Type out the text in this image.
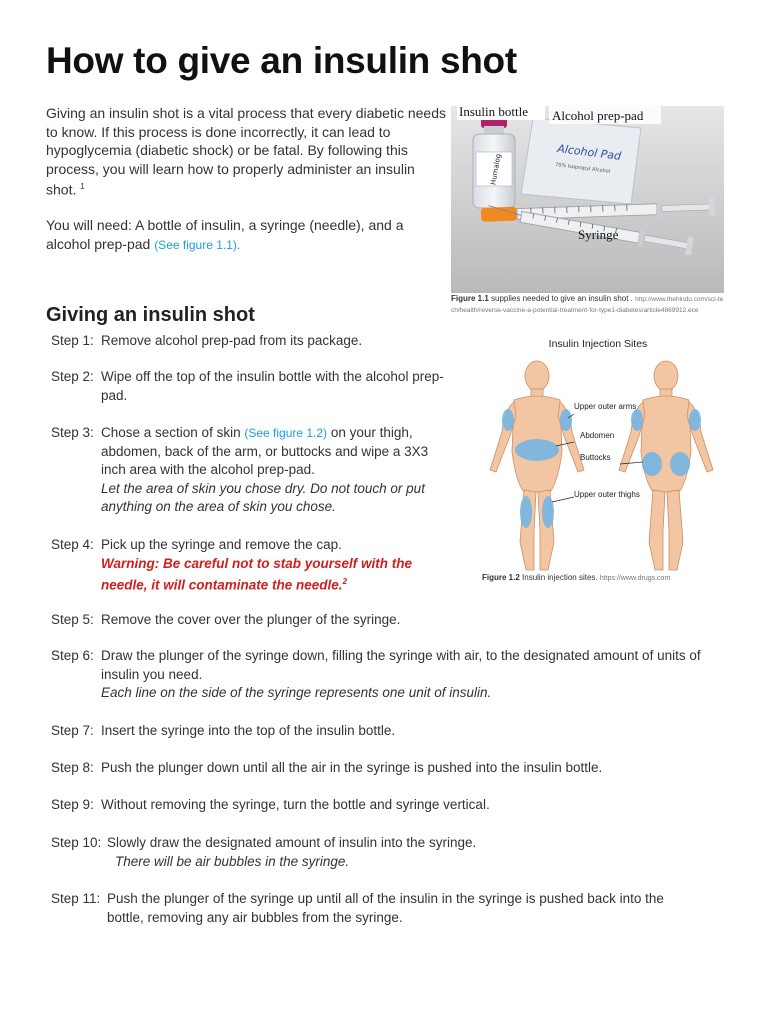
How to give an insulin shot
Giving an insulin shot is a vital process that every diabetic needs to know. If this process is done incorrectly, it can lead to hypoglycemia (diabetic shock) or be fatal. By following this process, you will learn how to properly administer an insulin shot. $^1$
You will need: A bottle of insulin, a syringe (needle), and a alcohol prep-pad (See figure 1.1).
Alcohol Pad
70% Isopropyl Alcohol
Humalog
Insulin bottle Alcohol prep-pad
Syringe
Figure 1.1 supplies needed to give an insulin shot . http://www.thehindu.com/sci-tech/health/reverse-vaccine-a-potential-treatment-for-type1-diabetes/article4869912.ece
Giving an insulin shot
Insulin Injection Sites
Upper outer arms
Abdomen
Buttocks
Upper outer thighs
Figure 1.2 Insulin injection sites. https://www.drugs.com
Step 1: Remove alcohol prep-pad from its package.
Step 2: Wipe off the top of the insulin bottle with the alcohol prep-pad.
Step 3: Chose a section of skin (See figure 1.2) on your thigh, abdomen, back of the arm, or buttocks and wipe a 3X3 inch area with the alcohol prep-pad.
Let the area of skin you chose dry. Do not touch or put anything on the area of skin you chose.
Step 4: Pick up the syringe and remove the cap.
Warning: Be careful not to stab yourself with the needle, it will contaminate the needle.$^2$
Step 5: Remove the cover over the plunger of the syringe.
Step 6: Draw the plunger of the syringe down, filling the syringe with air, to the designated amount of units of insulin you need.
Each line on the side of the syringe represents one unit of insulin.
Step 7: Insert the syringe into the top of the insulin bottle.
Step 8: Push the plunger down until all the air in the syringe is pushed into the insulin bottle.
Step 9: Without removing the syringe, turn the bottle and syringe vertical.
Step 10: Slowly draw the designated amount of insulin into the syringe.
There will be air bubbles in the syringe.
Step 11: Push the plunger of the syringe up until all of the insulin in the syringe is pushed back into the bottle, removing any air bubbles from the syringe.
